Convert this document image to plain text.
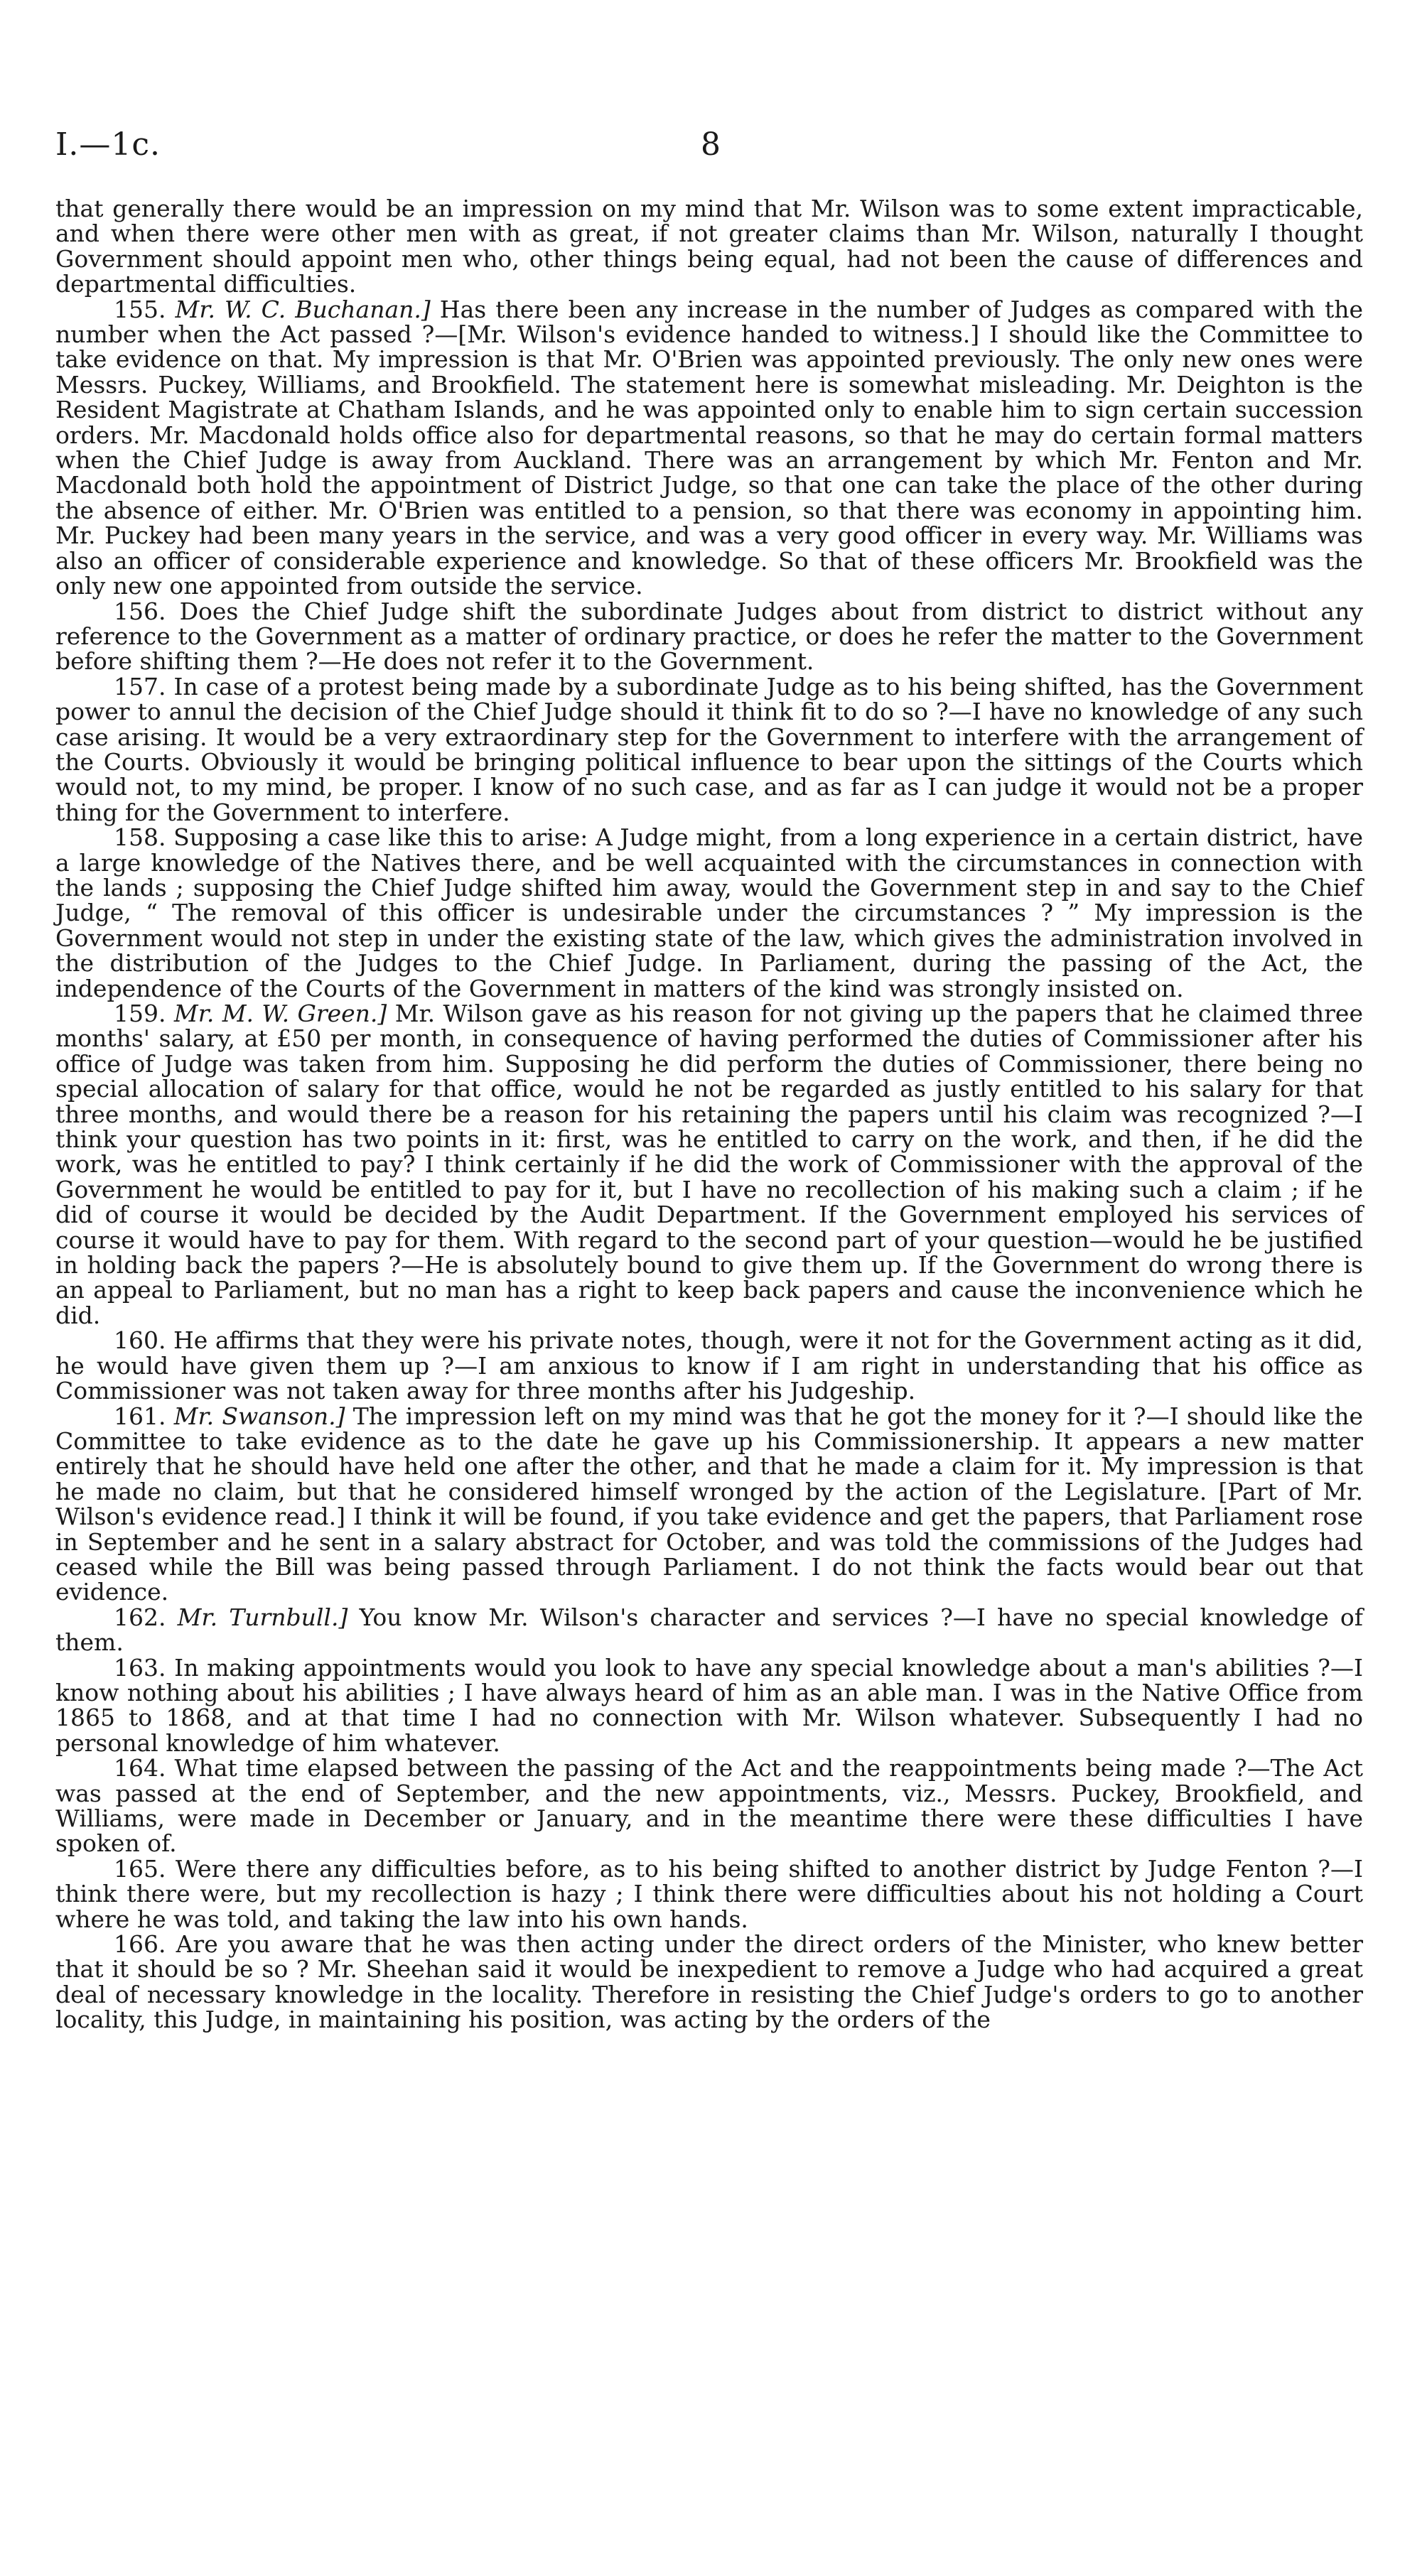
I.—1c.	8

that generally there would be an impression on my mind that Mr. Wilson was to some extent impracticable, and when there were other men with as great, if not greater claims than Mr. Wilson, naturally I thought Government should appoint men who, other things being equal, had not been the cause of differences and departmental difficulties.

155. Mr. W. C. Buchanan.] Has there been any increase in the number of Judges as compared with the number when the Act passed ?—[Mr. Wilson's evidence handed to witness.] I should like the Committee to take evidence on that. My impression is that Mr. O'Brien was appointed previously. The only new ones were Messrs. Puckey, Williams, and Brookfield. The statement here is somewhat misleading. Mr. Deighton is the Resident Magistrate at Chatham Islands, and he was appointed only to enable him to sign certain succession orders. Mr. Macdonald holds office also for departmental reasons, so that he may do certain formal matters when the Chief Judge is away from Auckland. There was an arrangement by which Mr. Fenton and Mr. Macdonald both hold the appointment of District Judge, so that one can take the place of the other during the absence of either. Mr. O'Brien was entitled to a pension, so that there was economy in appointing him. Mr. Puckey had been many years in the service, and was a very good officer in every way. Mr. Williams was also an officer of considerable experience and knowledge. So that of these officers Mr. Brookfield was the only new one appointed from outside the service.

156. Does the Chief Judge shift the subordinate Judges about from district to district without any reference to the Government as a matter of ordinary practice, or does he refer the matter to the Government before shifting them ?—He does not refer it to the Government.

157. In case of a protest being made by a subordinate Judge as to his being shifted, has the Government power to annul the decision of the Chief Judge should it think fit to do so ?—I have no knowledge of any such case arising. It would be a very extraordinary step for the Government to interfere with the arrangement of the Courts. Obviously it would be bringing political influence to bear upon the sittings of the Courts which would not, to my mind, be proper. I know of no such case, and as far as I can judge it would not be a proper thing for the Government to interfere.

158. Supposing a case like this to arise: A Judge might, from a long experience in a certain district, have a large knowledge of the Natives there, and be well acquainted with the circumstances in connection with the lands ; supposing the Chief Judge shifted him away, would the Government step in and say to the Chief Judge, “ The removal of this officer is undesirable under the circumstances ? ” My impression is the Government would not step in under the existing state of the law, which gives the administration involved in the distribution of the Judges to the Chief Judge. In Parliament, during the passing of the Act, the independence of the Courts of the Government in matters of the kind was strongly insisted on.

159. Mr. M. W. Green.] Mr. Wilson gave as his reason for not giving up the papers that he claimed three months' salary, at £50 per month, in consequence of having performed the duties of Commissioner after his office of Judge was taken from him. Supposing he did perform the duties of Commissioner, there being no special allocation of salary for that office, would he not be regarded as justly entitled to his salary for that three months, and would there be a reason for his retaining the papers until his claim was recognized ?—I think your question has two points in it: first, was he entitled to carry on the work, and then, if he did the work, was he entitled to pay? I think certainly if he did the work of Commissioner with the approval of the Government he would be entitled to pay for it, but I have no recollection of his making such a claim ; if he did of course it would be decided by the Audit Department. If the Government employed his services of course it would have to pay for them. With regard to the second part of your question—would he be justified in holding back the papers ?—He is absolutely bound to give them up. If the Government do wrong there is an appeal to Parliament, but no man has a right to keep back papers and cause the inconvenience which he did.

160. He affirms that they were his private notes, though, were it not for the Government acting as it did, he would have given them up ?—I am anxious to know if I am right in understanding that his office as Commissioner was not taken away for three months after his Judgeship.

161. Mr. Swanson.] The impression left on my mind was that he got the money for it ?—I should like the Committee to take evidence as to the date he gave up his Commissionership. It appears a new matter entirely that he should have held one after the other, and that he made a claim for it. My impression is that he made no claim, but that he considered himself wronged by the action of the Legislature. [Part of Mr. Wilson's evidence read.] I think it will be found, if you take evidence and get the papers, that Parliament rose in September and he sent in a salary abstract for October, and was told the commissions of the Judges had ceased while the Bill was being passed through Parliament. I do not think the facts would bear out that evidence.

162. Mr. Turnbull.] You know Mr. Wilson's character and services ?—I have no special knowledge of them.

163. In making appointments would you look to have any special knowledge about a man's abilities ?—I know nothing about his abilities ; I have always heard of him as an able man. I was in the Native Office from 1865 to 1868, and at that time I had no connection with Mr. Wilson whatever. Subsequently I had no personal knowledge of him whatever.

164. What time elapsed between the passing of the Act and the reappointments being made ?—The Act was passed at the end of September, and the new appointments, viz., Messrs. Puckey, Brookfield, and Williams, were made in December or January, and in the meantime there were these difficulties I have spoken of.

165. Were there any difficulties before, as to his being shifted to another district by Judge Fenton ?—I think there were, but my recollection is hazy ; I think there were difficulties about his not holding a Court where he was told, and taking the law into his own hands.

166. Are you aware that he was then acting under the direct orders of the Minister, who knew better that it should be so ? Mr. Sheehan said it would be inexpedient to remove a Judge who had acquired a great deal of necessary knowledge in the locality. Therefore in resisting the Chief Judge's orders to go to another locality, this Judge, in maintaining his position, was acting by the orders of the
